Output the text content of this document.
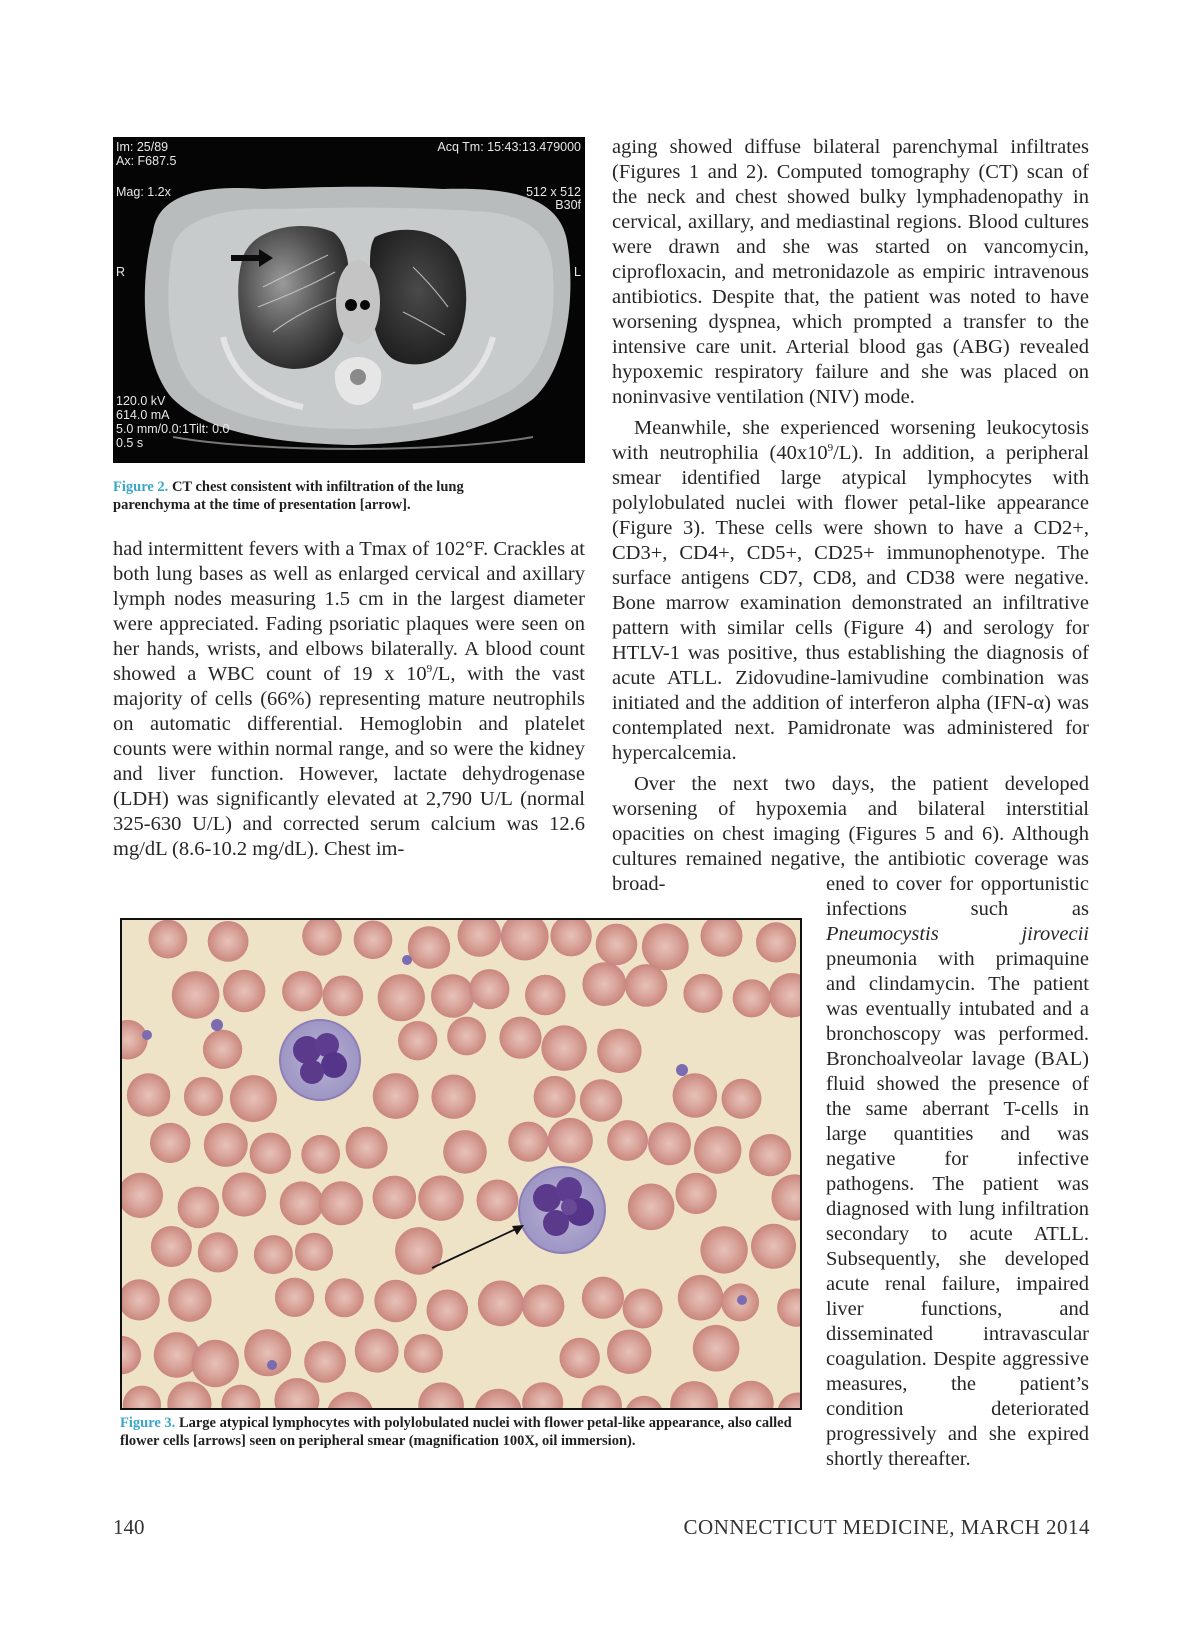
Im: 25/89
Ax: F687.5
Mag: 1.2x
Acq Tm: 15:43:13.479000
512 x 512
B30f
R	L
120.0 kV
614.0 mA
5.0 mm/0.0:1Tilt: 0.0
0.5 s
Figure 2. CT chest consistent with infiltration of the lung parenchyma at the time of presentation [arrow].

had intermittent fevers with a Tmax of 102°F. Crackles at both lung bases as well as enlarged cervical and axillary lymph nodes measuring 1.5 cm in the largest diameter were appreciated. Fading psoriatic plaques were seen on her hands, wrists, and elbows bilaterally. A blood count showed a WBC count of 19 x $10^9/L$, with the vast majority of cells (66%) representing mature neutrophils on automatic differential. Hemoglobin and platelet counts were within normal range, and so were the kidney and liver function. However, lactate dehydrogenase (LDH) was significantly elevated at 2,790 U/L (normal 325-630 U/L) and corrected serum calcium was 12.6 mg/dL (8.6-10.2 mg/dL). Chest im-

aging showed diffuse bilateral parenchymal infiltrates (Figures 1 and 2). Computed tomography (CT) scan of the neck and chest showed bulky lymphadenopathy in cervical, axillary, and mediastinal regions. Blood cultures were drawn and she was started on vancomycin, ciprofloxacin, and metronidazole as empiric intravenous antibiotics. Despite that, the patient was noted to have worsening dyspnea, which prompted a transfer to the intensive care unit. Arterial blood gas (ABG) revealed hypoxemic respiratory failure and she was placed on noninvasive ventilation (NIV) mode.

Meanwhile, she experienced worsening leukocytosis with neutrophilia $(40x10^9/L)$. In addition, a peripheral smear identified large atypical lymphocytes with polylobulated nuclei with flower petal-like appearance (Figure 3). These cells were shown to have a CD2+, CD3+, CD4+, CD5+, CD25+ immunophenotype. The surface antigens CD7, CD8, and CD38 were negative. Bone marrow examination demonstrated an infiltrative pattern with similar cells (Figure 4) and serology for HTLV-1 was positive, thus establishing the diagnosis of acute ATLL. Zidovudine-lamivudine combination was initiated and the addition of interferon alpha (IFN-α) was contemplated next. Pamidronate was administered for hypercalcemia.

Over the next two days, the patient developed worsening of hypoxemia and bilateral interstitial opacities on chest imaging (Figures 5 and 6). Although cultures remained negative, the antibiotic coverage was broad-	ened to cover for opportunistic infections such as Pneumocystis jirovecii pneumonia with primaquine and clindamycin. The patient was eventually intubated and a bronchoscopy was performed. Bronchoalveolar lavage (BAL) fluid showed the presence of the same aberrant T-cells in large quantities and was negative for infective pathogens. The patient was diagnosed with lung infiltration secondary to acute ATLL. Subsequently, she developed acute renal failure, impaired liver functions, and disseminated intravascular coagulation. Despite aggressive measures, the patient’s condition deteriorated progressively and she expired shortly thereafter.

Figure 3. Large atypical lymphocytes with polylobulated nuclei with flower petal-like appearance, also called flower cells [arrows] seen on peripheral smear (magnification 100X, oil immersion).
140	CONNECTICUT MEDICINE, MARCH 2014
